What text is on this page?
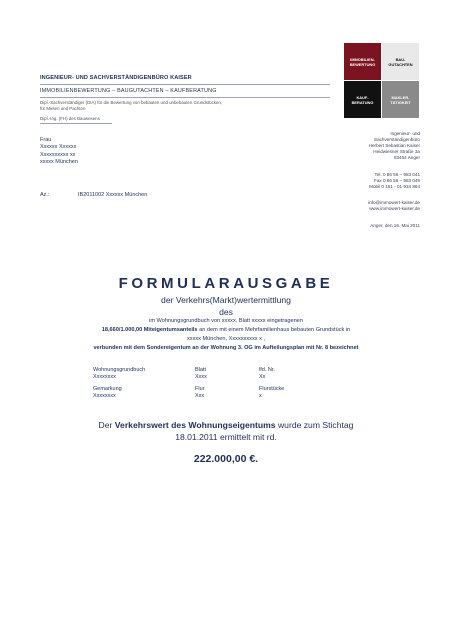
INGENIEUR- UND SACHVERSTÄNDIGENBÜRO KAISER
IMMOBILIENBEWERTUNG – BAUGUTACHTEN – KAUFBERATUNG
Dipl.-Sachverständiger (DIA) für die Bewertung von bebauten und unbebauten Grundstücken,
für Mieten und Pachten
Dipl.-Ing. (FH) des Bauwesens
IMMOBILIEN-
BEWERTUNG
BAU-
GUTACHTEN
KAUF-
BERATUNG
MAKLER-
TÄTIGKEIT
Frau
Xxxxxx Xxxxxx
Xxxxxxxxxx xx
xxxxx München
Ingenieur- und
Sachverständigenbüro
Herbert Sebastian Kaiser
Heidwiesner Straße 3a
83454 Anger
Tel. 0 86 56 – 983 041
Fax 0 86 56 – 983 049
Mobil 0 151 - 01 934 864
info@immowert-kaiser.de
www.immowert-kaiser.de
Anger, den 16. Mai 2011
Az.:	IB2011002 Xxxxxx München
FORMULARAUSGABE
der Verkehrs(Markt)wertermittlung
des
im Wohnungsgrundbuch von xxxxx, Blatt xxxxx eingetragenen
18,660/1.000,00 Miteigentumsanteils an dem mit einem Mehrfamilienhaus bebauten Grundstück in
xxxxx München, Xxxxxxxxxx x ,
verbunden mit dem Sondereigentum an der Wohnung 3. OG im Aufteilungsplan mit Nr. 8 bezeichnet
Wohnungsgrundbuch	Blatt	lfd. Nr.
Xxxxxxxx	Xxxx	Xx
Gemarkung	Flur	Flurstücke
Xxxxxxxx	Xxx	x
Der Verkehrswert des Wohnungseigentums wurde zum Stichtag
18.01.2011 ermittelt mit rd.
222.000,00 €.
